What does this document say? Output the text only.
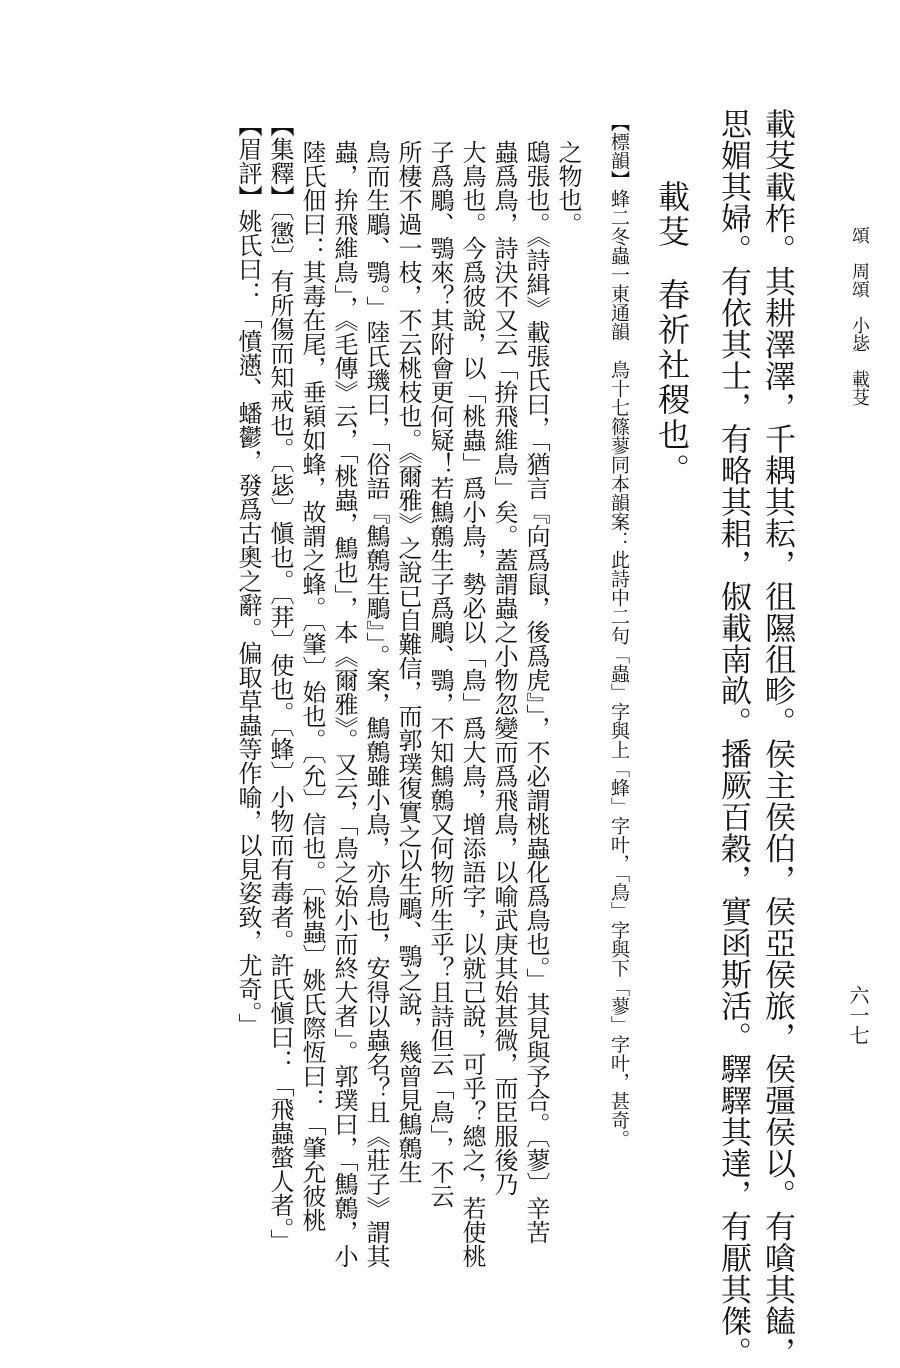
頌　周頌　小毖　載芟
六一七
載芟載柞。其耕澤澤，千耦其耘，徂隰徂畛。侯主侯伯，侯亞侯旅，侯彊侯以。有嗿其饁，
思媚其婦。有依其士，有略其耜，俶載南畝。播厥百穀，實函斯活。驛驛其達，有厭其傑。
載芟春祈社稷也。
【標韻】蜂二冬蟲一東通韻　鳥十七篠蓼同本韻案：此詩中二句「蟲」字與上「蜂」字叶，「鳥」字與下「蓼」字叶，甚奇。
之物也。
鴟張也。《詩緝》載張氏曰，「猶言『向爲鼠，後爲虎』」，不必謂桃蟲化爲鳥也。」其見與予合。〔蓼〕辛苦
蟲爲鳥，詩決不又云「拚飛維鳥」矣。蓋謂蟲之小物忽變而爲飛鳥，以喻武庚其始甚微，而臣服後乃
大鳥也。今爲彼說，以「桃蟲」爲小鳥，勢必以「鳥」爲大鳥，增添語字，以就己說，可乎？總之，若使桃
子爲鵰、鶚來？其附會更何疑！若鷦鷯生子爲鵰、鶚，不知鷦鷯又何物所生乎？且詩但云「鳥」，不云
所棲不過一枝，不云桃枝也。《爾雅》之說已自難信，而郭璞復實之以生鵰、鶚之說，幾曾見鷦鷯生
鳥而生鵰、鶚。」陸氏璣曰，「俗語『鷦鷯生鵰』」。案，鷦鷯雖小鳥，亦鳥也，安得以蟲名？且《莊子》謂其
蟲，拚飛維鳥」，《毛傳》云，「桃蟲，鷦也」，本《爾雅》。又云，「鳥之始小而終大者」。郭璞曰，「鷦鷯，小
陸氏佃曰：其毒在尾，垂穎如蜂，故謂之蜂。〔肇〕始也。〔允〕信也。〔桃蟲〕姚氏際恆曰：「肇允彼桃
【集釋】〔懲〕有所傷而知戒也。〔毖〕愼也。〔荓〕使也。〔蜂〕小物而有毒者。許氏愼曰：「飛蟲螫人者。」
【眉評】姚氏曰：「憤懣、蟠鬱，發爲古奧之辭。偏取草蟲等作喻，以見姿致，尤奇。」
